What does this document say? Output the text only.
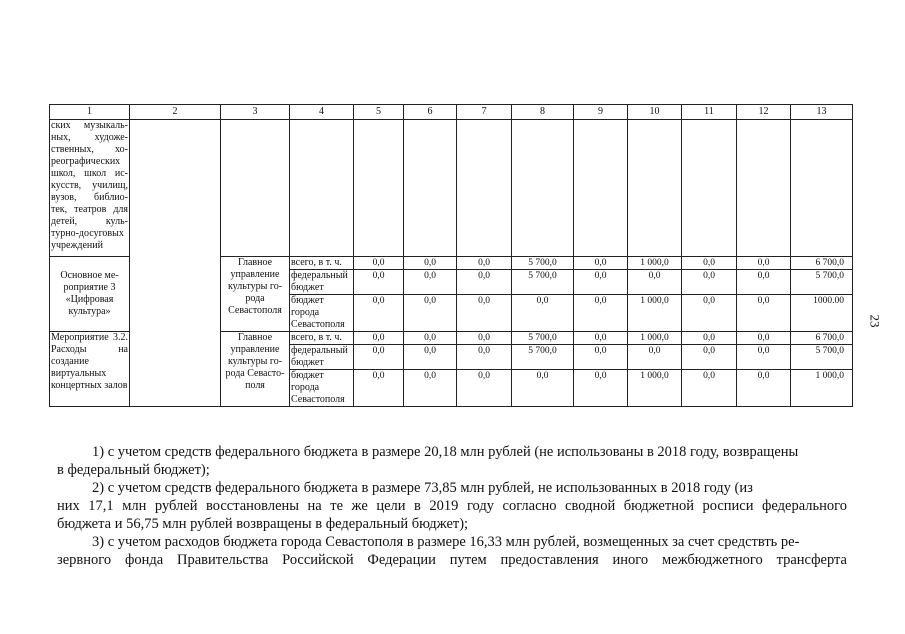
1	2	3	4	5	6	7	8	9	10	11	12	13
ских музыкаль-ных, художе-ственных, хо-реографических школ, школ ис-кусств, училищ, вузов, библио-тек, театров для детей, куль-турно-досуговых учреждений												
Основное ме-роприятие 3 «Цифровая культура»		Главное управление культуры го-рода Севастополя	всего, в т. ч.	0,0	0,0	0,0	5 700,0	0,0	1 000,0	0,0	0,0	6 700,0
			федеральный бюджет	0,0	0,0	0,0	5 700,0	0,0	0,0	0,0	0,0	5 700,0
			бюджет города Севастополя	0,0	0,0	0,0	0,0	0,0	1 000,0	0,0	0,0	1000.00
Мероприятие 3.2. Расходы на создание виртуальных концертных залов		Главное управление культуры го-рода Севасто-поля	всего, в т. ч.	0,0	0,0	0,0	5 700,0	0,0	1 000,0	0,0	0,0	6 700,0
			федеральный бюджет	0,0	0,0	0,0	5 700,0	0,0	0,0	0,0	0,0	5 700,0
			бюджет города Севастополя	0,0	0,0	0,0	0,0	0,0	1 000,0	0,0	0,0	1 000,0
23

1) с учетом средств федерального бюджета в размере 20,18 млн рублей (не использованы в 2018 году, возвращены

в федеральный бюджет);

2) с учетом средств федерального бюджета в размере 73,85 млн рублей, не использованных в 2018 году (из

них 17,1 млн рублей восстановлены на те же цели в 2019 году согласно сводной бюджетной росписи федерального

бюджета и 56,75 млн рублей возвращены в федеральный бюджет);

3) с учетом расходов бюджета города Севастополя в размере 16,33 млн рублей, возмещенных за счет средствть ре-

зервного фонда Правительства Российской Федерации путем предоставления иного межбюджетного трансферта
